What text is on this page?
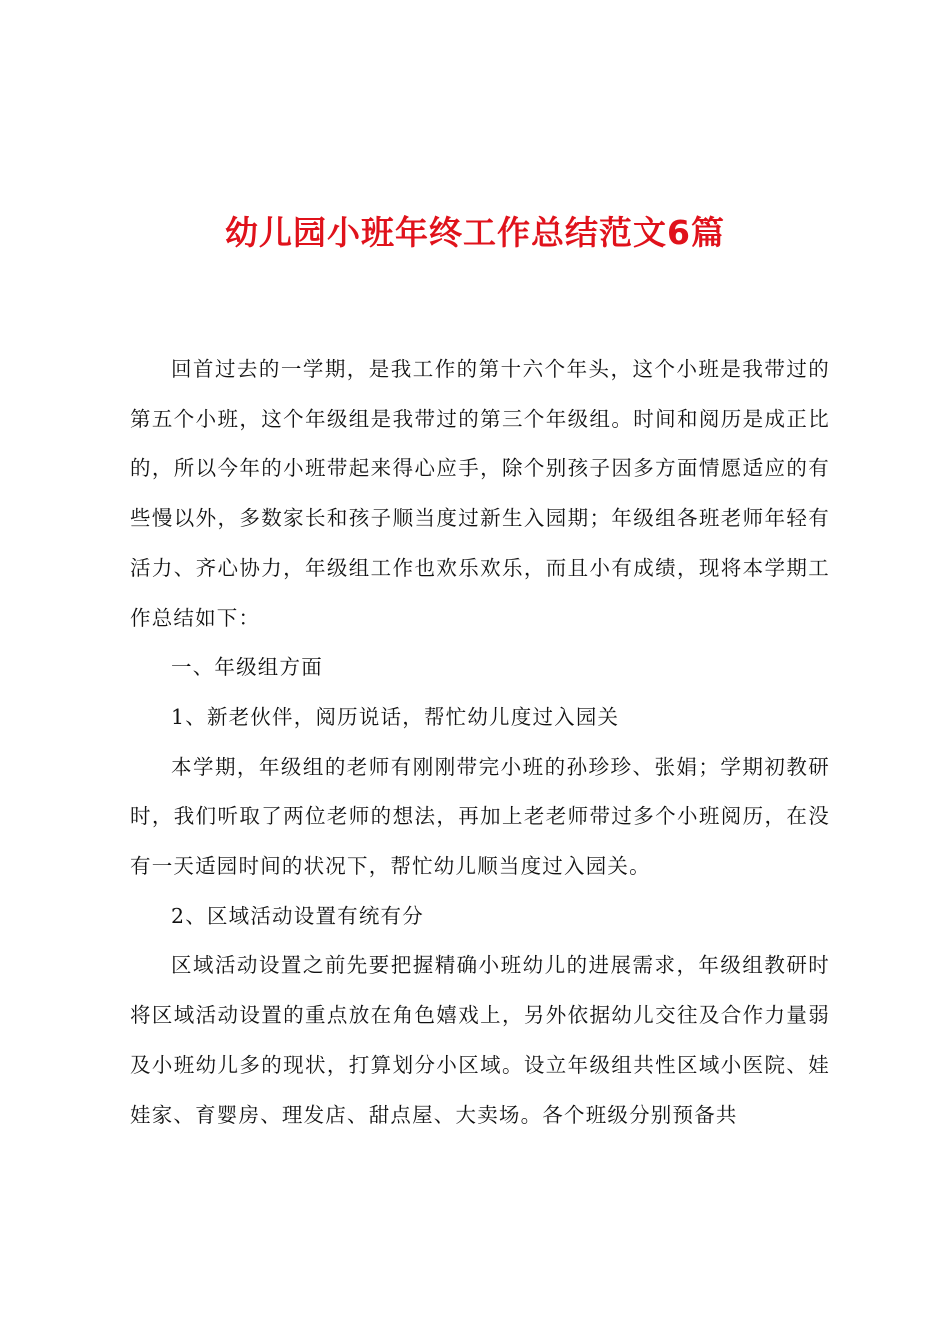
幼儿园小班年终工作总结范文6篇

回首过去的一学期，是我工作的第十六个年头，这个小班是我带过的第五个小班，这个年级组是我带过的第三个年级组。时间和阅历是成正比的，所以今年的小班带起来得心应手，除个别孩子因多方面情愿适应的有些慢以外，多数家长和孩子顺当度过新生入园期；年级组各班老师年轻有活力、齐心协力，年级组工作也欢乐欢乐，而且小有成绩，现将本学期工作总结如下：

一、年级组方面

1、新老伙伴，阅历说话，帮忙幼儿度过入园关

本学期，年级组的老师有刚刚带完小班的孙珍珍、张娟；学期初教研时，我们听取了两位老师的想法，再加上老老师带过多个小班阅历，在没有一天适园时间的状况下，帮忙幼儿顺当度过入园关。

2、区域活动设置有统有分

区域活动设置之前先要把握精确小班幼儿的进展需求，年级组教研时将区域活动设置的重点放在角色嬉戏上，另外依据幼儿交往及合作力量弱及小班幼儿多的现状，打算划分小区域。设立年级组共性区域小医院、娃娃家、育婴房、理发店、甜点屋、大卖场。各个班级分别预备共
